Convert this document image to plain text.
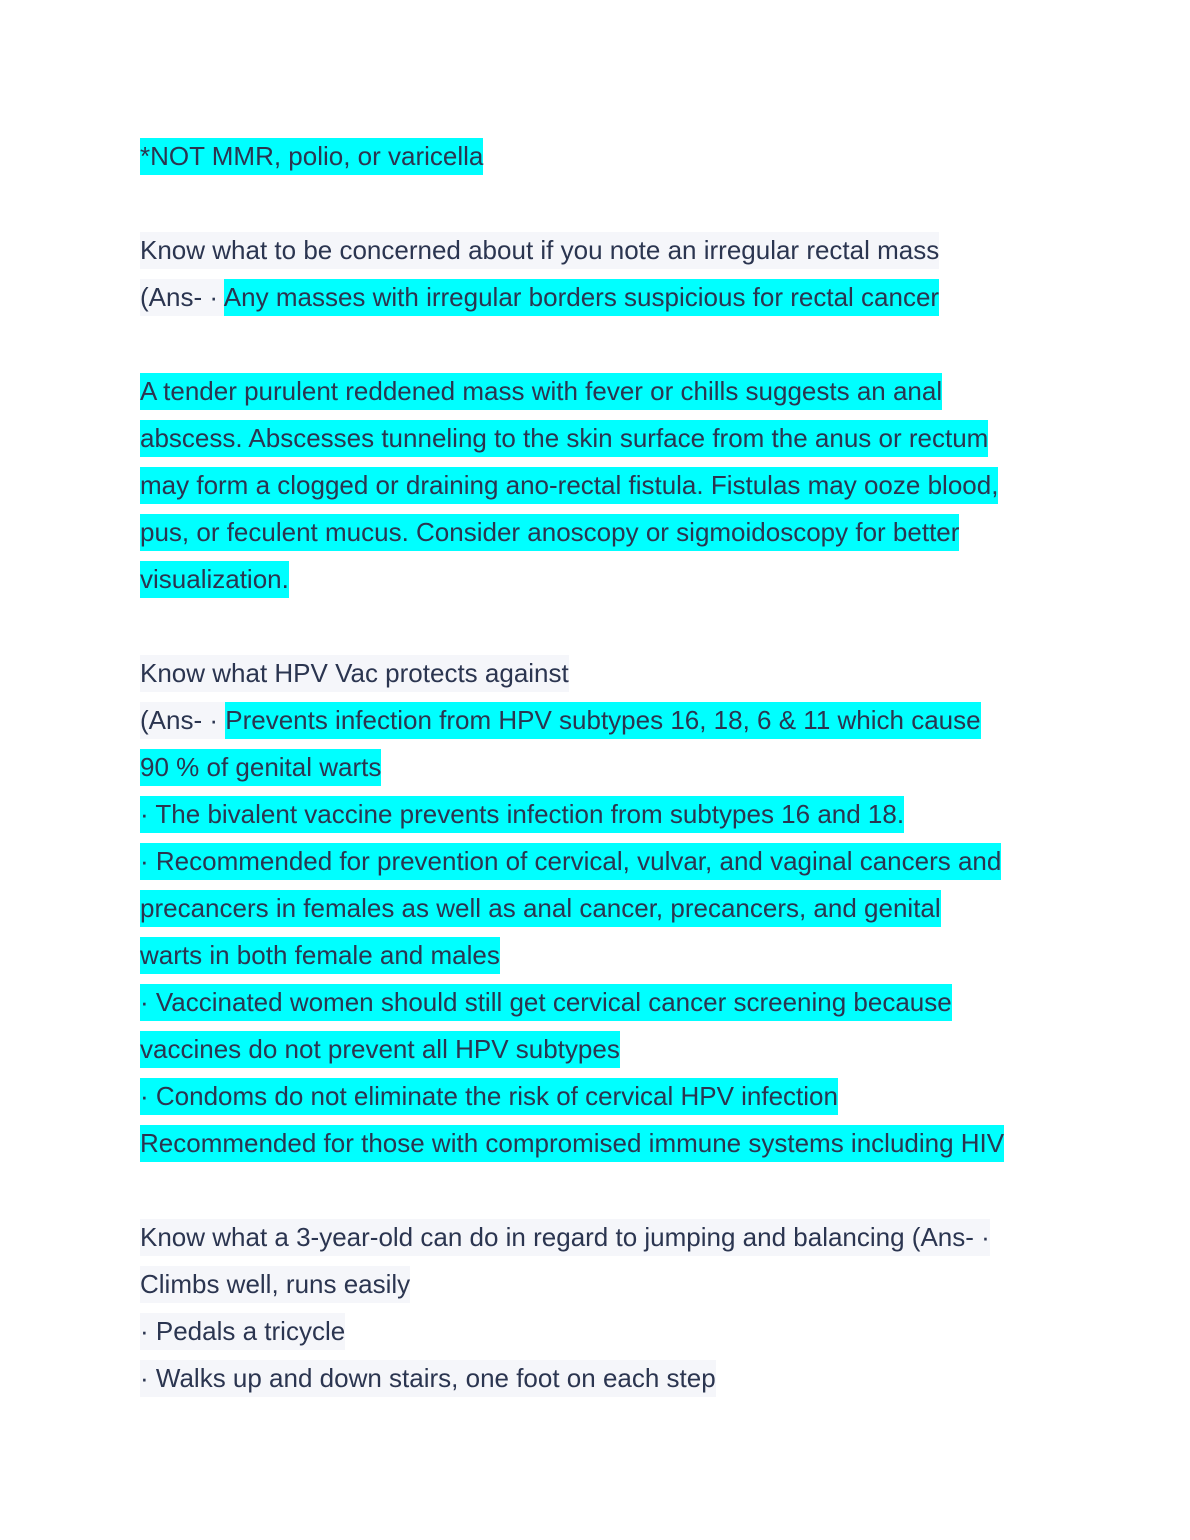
*NOT MMR, polio, or varicella
Know what to be concerned about if you note an irregular rectal mass
(Ans- · Any masses with irregular borders suspicious for rectal cancer
A tender purulent reddened mass with fever or chills suggests an anal
abscess. Abscesses tunneling to the skin surface from the anus or rectum
may form a clogged or draining ano-rectal fistula. Fistulas may ooze blood,
pus, or feculent mucus. Consider anoscopy or sigmoidoscopy for better
visualization.
Know what HPV Vac protects against
(Ans- · Prevents infection from HPV subtypes 16, 18, 6 & 11 which cause
90 % of genital warts
· The bivalent vaccine prevents infection from subtypes 16 and 18.
· Recommended for prevention of cervical, vulvar, and vaginal cancers and
precancers in females as well as anal cancer, precancers, and genital
warts in both female and males
· Vaccinated women should still get cervical cancer screening because
vaccines do not prevent all HPV subtypes
· Condoms do not eliminate the risk of cervical HPV infection
Recommended for those with compromised immune systems including HIV
Know what a 3-year-old can do in regard to jumping and balancing (Ans- ·
Climbs well, runs easily
· Pedals a tricycle
· Walks up and down stairs, one foot on each step
